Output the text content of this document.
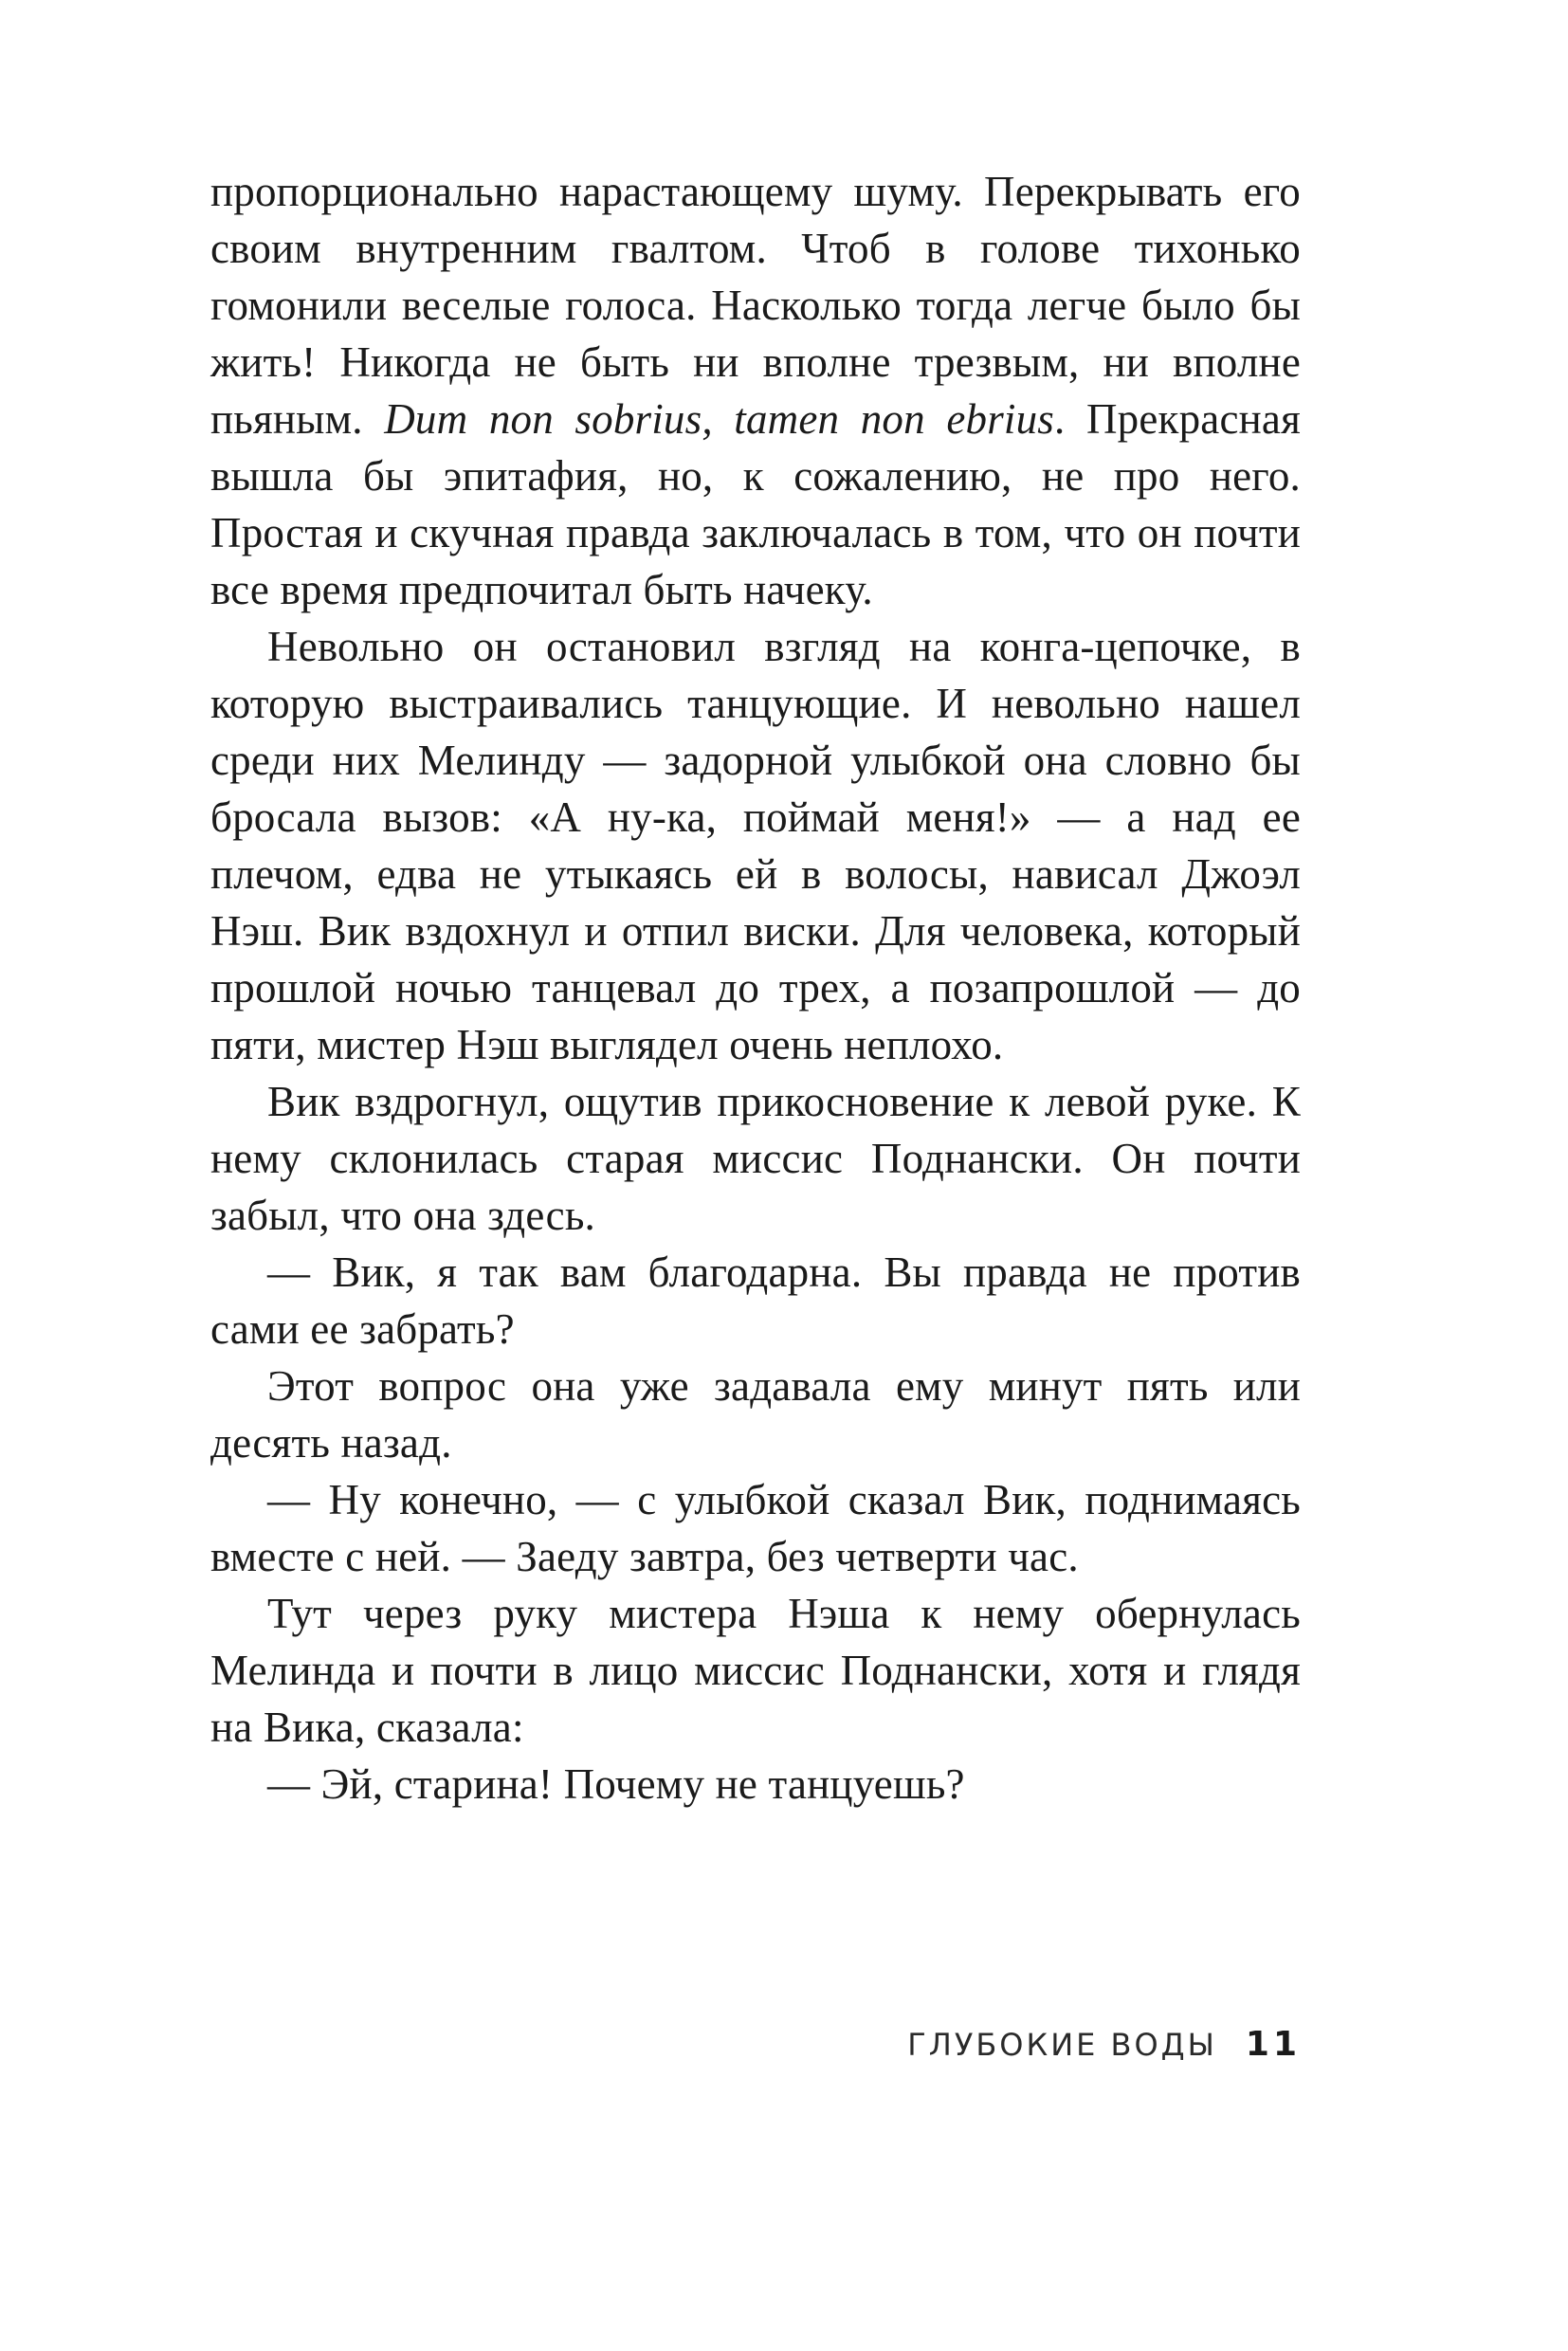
пропорционально нарастающему шуму. Перекрывать его своим внутренним гвалтом. Чтоб в голове тихонько гомонили веселые голоса. Насколько тогда легче было бы жить! Никогда не быть ни вполне трезвым, ни вполне пьяным. Dum non sobrius, tamen non ebrius. Прекрасная вышла бы эпитафия, но, к сожалению, не про него. Простая и скучная правда заключалась в том, что он почти все время предпочитал быть начеку.

Невольно он остановил взгляд на конга-цепочке, в которую выстраивались танцующие. И невольно нашел среди них Мелинду — задорной улыбкой она словно бы бросала вызов: «А ну-ка, поймай меня!» — а над ее плечом, едва не утыкаясь ей в волосы, нависал Джоэл Нэш. Вик вздохнул и отпил виски. Для человека, который прошлой ночью танцевал до трех, а позапрошлой — до пяти, мистер Нэш выглядел очень неплохо.

Вик вздрогнул, ощутив прикосновение к левой руке. К нему склонилась старая миссис Поднански. Он почти забыл, что она здесь.

— Вик, я так вам благодарна. Вы правда не против сами ее забрать?

Этот вопрос она уже задавала ему минут пять или десять назад.

— Ну конечно, — с улыбкой сказал Вик, поднимаясь вместе с ней. — Заеду завтра, без четверти час.

Тут через руку мистера Нэша к нему обернулась Мелинда и почти в лицо миссис Поднански, хотя и глядя на Вика, сказала:

— Эй, старина! Почему не танцуешь?

ГЛУБОКИЕ ВОДЫ 11
